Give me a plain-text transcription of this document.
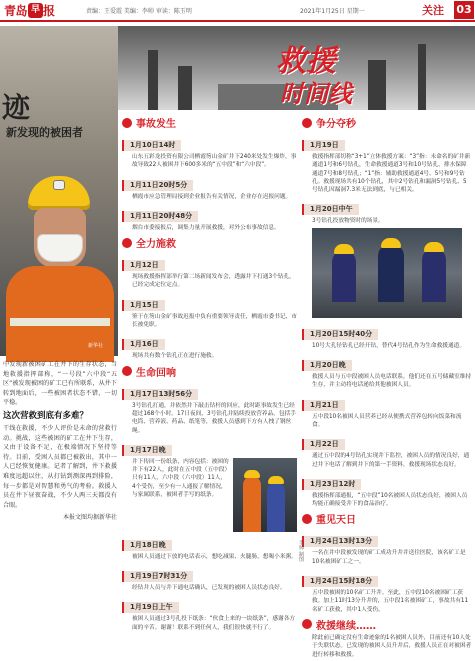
青岛 早 报	责编：王爱霞 美编：李帅 审读：陈玉明	2021年1月25日 星期一	关注 03
迹
新发现的被困者
新华社

中发现新被困矿工在井下的生存状态，当地救援指挥部称，“一号段”六中段“五区”被发现被困的矿工已有所联系，从井下转到地面后，一些被困者状态不错，一切平稳。

这次营救到底有多难？

干线在救援，不少人评价是未命的营救行动。挑战，这些被困的矿工在井下生存，又由于设备不足，在极端情况下坚持等待。目前，受困人员都已被救出，其中一人已经恢复健康。记者了解到，井下救援难度远超以往，从打钻到测深再到排险，每一步都是对智慧和勇气的考验。救援人员在井下昼夜奋战，不少人两三天都没有合眼。

本报文图均据新华社
救援
时间线
事故发生
1月10日14时
山东五彩龙投资有限公司栖霞笏山金矿井下240米处发生爆炸，事故导致22人被困井下600多米的“五中段”和“六中段”。
1月11日20时5分
栖霞市应急管理局接到企业报告有关情况，企业存在迟报问题。
1月11日20时48分
烟台市委接报后，调集力量开展救援，对外公布事故信息。
全力施救
1月12日
现场救援指挥部举行第二场新闻发布会，透露井下打通3个钻孔，已经完成定位定点。
1月15日
鉴于在笏山金矿事故迟报中负有重要领导责任，栖霞市委书记、市长被免职。
1月16日
现场共有数个钻孔正在进行施救。
生命回响
1月17日13时56分
3号钻孔打通，并依然井下敲击钻杆的回应，此时距事故发生已经超过168个小时。17日夜间，3号钻孔并陆续投放营养品，包括手电筒、营养液、药品、纸笔等，救援人员感到下方有人拽了钢丝绳。
1月17日晚
井下传回一份纸条，内容包括：被困的井下有22人，此时在五中段（五中段）只有11人，六中段（六中段）11人，4个受伤，至少有一人通报了解情况，与家属联系，被困者手写的纸条。
1月18日晚
被困人员通过下放的电话表示，想吃减果、火腿肠，想喝小米粥。
1月19日7时31分
经钻井人员与井下通电话确认，已发现的被困人员状态良好。
1月19日上午
被困人员通过3号孔投下纸条：“伙食上来的一块纸条”，感谢各方面的辛苦。谢谢！联系不到任何人，我们很快就不行了。
争分夺秒
1月19日
救援指挥部切称“3+1”立体救援方案：“3”指：未命名的矿井新通道1号和6号钻孔，生命救援通道3号和10号钻孔，排水保障通道7号和8号钻孔；“1”指：辅助救援通道4号、5号和9号钻孔。救援现场共有10个钻孔，其中2号钻孔和漏洞5号钻孔、5号钻孔因漏洞7.3米无法到底，与已相关。
1月20日中午
3号钻孔投放物资时的场景。
1月20日15时40分
10号大孔径钻孔已经开钻，替代4号钻孔作为生命救援通道。
1月20日晚
救援人员与五中段被困人员电话联系，他们还在五号储藏室维持生存，并主动将电话递给其他被困人员。
1月21日
五中段10名被困人员营养已经从便携式营养包转向饭菜和流食。
1月22日
通过五中段的4号钻孔实现井下监控，被困人员的情况良好，通过井下电话了解到井下的第一手资料，救援现场状态良好。
1月23日12时
救援指挥部通报，“五中段”10名被困人员状态良好，被困人员均能正确接受井下的食品治疗。
重见天日
1月24日13时13分
一名在井中段被发现的矿工成功升井并送往医院，该名矿工是10名被困矿工之一。
1月24日15时18分
五中段被困的10名矿工升井。至此，五中段10名被困矿工获救。加上11时13分升井的，五中段1名被困矿工，事故共有11名矿工获救，其中1人受伤。
救援继续……
除此前已确定没有生命迹象的1名被困人员外，目前还有10人处于失联状态。已发现的被困人员升井后，救援人员正在对被困者进行转移和救援。
李帅 制图
